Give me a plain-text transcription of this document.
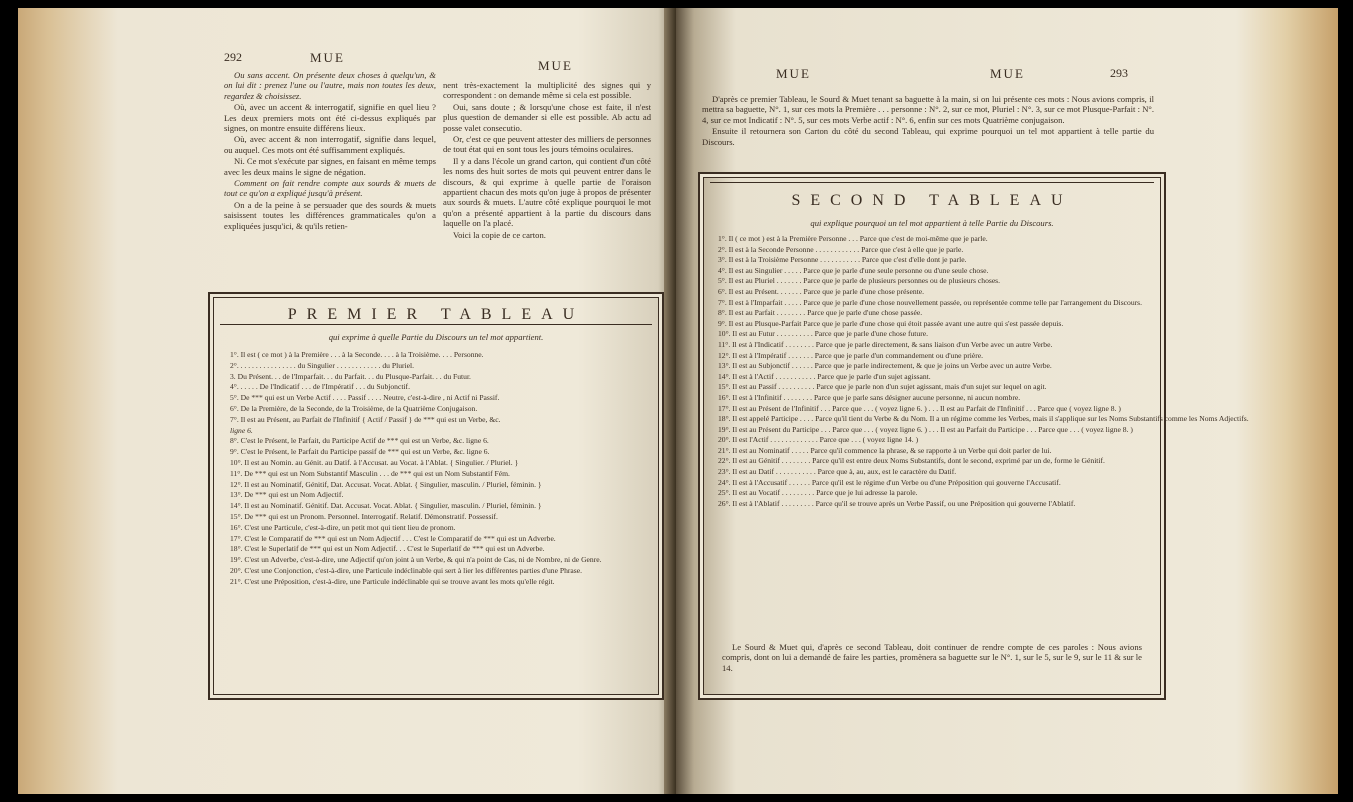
292	MUE
MUE

Ou sans accent. On présente deux choses à quelqu'un, & on lui dit : prenez l'une ou l'autre, mais non toutes les deux, regardez & choisissez.

Où, avec un accent & interrogatif, signifie en quel lieu ? Les deux premiers mots ont été ci-dessus expliqués par signes, on montre ensuite différens lieux.

Où, avec accent & non interrogatif, signifie dans lequel, ou auquel. Ces mots ont été suffisamment expliqués.

Ni. Ce mot s'exécute par signes, en faisant en même temps avec les deux mains le signe de négation.

Comment on fait rendre compte aux sourds & muets de tout ce qu'on a expliqué jusqu'à présent.

On a de la peine à se persuader que des sourds & muets saisissent toutes les différences grammaticales qu'on a expliquées jusqu'ici, & qu'ils retien-

nent très-exactement la multiplicité des signes qui y correspondent : on demande même si cela est possible.

Oui, sans doute ; & lorsqu'une chose est faite, il n'est plus question de demander si elle est possible. Ab actu ad posse valet consecutio.

Or, c'est ce que peuvent attester des milliers de personnes de tout état qui en sont tous les jours témoins oculaires.

Il y a dans l'école un grand carton, qui contient d'un côté les noms des huit sortes de mots qui peuvent entrer dans le discours, & qui exprime à quelle partie de l'oraison appartient chacun des mots qu'on juge à propos de présenter aux sourds & muets. L'autre côté explique pourquoi le mot qu'on a présenté appartient à la partie du discours dans laquelle on l'a placé.

Voici la copie de ce carton.

PREMIER TABLEAU
qui exprime à quelle Partie du Discours un tel mot appartient.
1°. Il est ( ce mot ) à la Première . . . à la Seconde. . . . à la Troisième. . . . Personne.
2°. . . . . . . . . . . . . . . . du Singulier . . . . . . . . . . . . du Pluriel.
3. Du Présent. . . de l'Imparfait. . . du Parfait. . . du Plusque-Parfait. . . du Futur.
4°. . . . . . De l'Indicatif . . . de l'Impératif . . . du Subjonctif.
5°. De *** qui est un Verbe Actif . . . . Passif . . . . Neutre, c'est-à-dire , ni Actif ni Passif.
6°. De la Première, de la Seconde, de la Troisième, de la Quatrième Conjugaison.
7°. Il est au Présent, au Parfait de l'Infinitif { Actif / Passif } de *** qui est un Verbe, &c.
ligne 6.
8°. C'est le Présent, le Parfait, du Participe Actif de *** qui est un Verbe, &c. ligne 6.
9°. C'est le Présent, le Parfait du Participe passif de *** qui est un Verbe, &c. ligne 6.
10°. Il est au Nomin. au Génit. au Datif. à l'Accusat. au Vocat. à l'Ablat. { Singulier. / Pluriel. }
11°. De *** qui est un Nom Substantif Masculin . . . de *** qui est un Nom Substantif Fém.
12°. Il est au Nominatif, Génitif, Dat. Accusat. Vocat. Ablat. { Singulier, masculin. / Pluriel, féminin. }
13°. De *** qui est un Nom Adjectif.
14°. Il est au Nominatif. Génitif. Dat. Accusat. Vocat. Ablat. { Singulier, masculin. / Pluriel, féminin. }
15°. De *** qui est un Pronom. Personnel. Interrogatif. Relatif. Démonstratif. Possessif.
16°. C'est une Particule, c'est-à-dire, un petit mot qui tient lieu de pronom.
17°. C'est le Comparatif de *** qui est un Nom Adjectif . . . C'est le Comparatif de *** qui est un Adverbe.
18°. C'est le Superlatif de *** qui est un Nom Adjectif. . . C'est le Superlatif de *** qui est un Adverbe.
19°. C'est un Adverbe, c'est-à-dire, une Adjectif qu'on joint à un Verbe, & qui n'a point de Cas, ni de Nombre, ni de Genre.
20°. C'est une Conjonction, c'est-à-dire, une Particule indéclinable qui sert à lier les différentes parties d'une Phrase.
21°. C'est une Préposition, c'est-à-dire, une Particule indéclinable qui se trouve avant les mots qu'elle régit.
MUE	MUE	293

D'après ce premier Tableau, le Sourd & Muet tenant sa baguette à la main, si on lui présente ces mots : Nous avions compris, il mettra sa baguette, N°. 1, sur ces mots la Première . . . personne : N°. 2, sur ce mot, Pluriel : N°. 3, sur ce mot Plusque-Parfait : N°. 4, sur ce mot Indicatif : N°. 5, sur ces mots Verbe actif : N°. 6, enfin sur ces mots Quatrième conjugaison.

Ensuite il retournera son Carton du côté du second Tableau, qui exprime pourquoi un tel mot appartient à telle partie du Discours.

SECOND TABLEAU
qui explique pourquoi un tel mot appartient à telle Partie du Discours.
1°. Il ( ce mot ) est à la Première Personne . . . Parce que c'est de moi-même que je parle.
2°. Il est à la Seconde Personne . . . . . . . . . . . . Parce que c'est à elle que je parle.
3°. Il est à la Troisième Personne . . . . . . . . . . . Parce que c'est d'elle dont je parle.
4°. Il est au Singulier . . . . . Parce que je parle d'une seule personne ou d'une seule chose.
5°. Il est au Pluriel . . . . . . . Parce que je parle de plusieurs personnes ou de plusieurs choses.
6°. Il est au Présent. . . . . . . Parce que je parle d'une chose présente.
7°. Il est à l'Imparfait . . . . . Parce que je parle d'une chose nouvellement passée, ou représentée comme telle par l'arrangement du Discours.
8°. Il est au Parfait . . . . . . . . Parce que je parle d'une chose passée.
9°. Il est au Plusque-Parfait Parce que je parle d'une chose qui étoit passée avant une autre qui s'est passée depuis.
10°. Il est au Futur . . . . . . . . . . Parce que je parle d'une chose future.
11°. Il est à l'Indicatif . . . . . . . . Parce que je parle directement, & sans liaison d'un Verbe avec un autre Verbe.
12°. Il est à l'Impératif . . . . . . . Parce que je parle d'un commandement ou d'une prière.
13°. Il est au Subjonctif . . . . . . Parce que je parle indirectement, & que je joins un Verbe avec un autre Verbe.
14°. Il est à l'Actif . . . . . . . . . . . Parce que je parle d'un sujet agissant.
15°. Il est au Passif . . . . . . . . . . Parce que je parle non d'un sujet agissant, mais d'un sujet sur lequel on agit.
16°. Il est à l'Infinitif . . . . . . . . Parce que je parle sans désigner aucune personne, ni aucun nombre.
17°. Il est au Présent de l'Infinitif . . . Parce que . . . ( voyez ligne 6. ) . . . Il est au Parfait de l'Infinitif . . . Parce que ( voyez ligne 8. )
18°. Il est appelé Participe . . . . Parce qu'il tient du Verbe & du Nom. Il a un régime comme les Verbes, mais il s'applique sur les Noms Substantifs comme les Noms Adjectifs.
19°. Il est au Présent du Participe . . . Parce que . . . ( voyez ligne 6. ) . . . Il est au Parfait du Participe . . . Parce que . . . ( voyez ligne 8. )
20°. Il est l'Actif . . . . . . . . . . . . . Parce que . . . ( voyez ligne 14. )
21°. Il est au Nominatif . . . . . Parce qu'il commence la phrase, & se rapporte à un Verbe qui doit parler de lui.
22°. Il est au Génitif . . . . . . . . Parce qu'il est entre deux Noms Substantifs, dont le second, exprimé par un de, forme le Génitif.
23°. Il est au Datif . . . . . . . . . . . Parce que à, au, aux, est le caractère du Datif.
24°. Il est à l'Accusatif . . . . . . Parce qu'il est le régime d'un Verbe ou d'une Préposition qui gouverne l'Accusatif.
25°. Il est au Vocatif . . . . . . . . . Parce que je lui adresse la parole.
26°. Il est à l'Ablatif . . . . . . . . . Parce qu'il se trouve après un Verbe Passif, ou une Préposition qui gouverne l'Ablatif.

Le Sourd & Muet qui, d'après ce second Tableau, doit continuer de rendre compte de ces paroles : Nous avions compris, dont on lui a demandé de faire les parties, promènera sa baguette sur le N°. 1, sur le 5, sur le 9, sur le 11 & sur le 14.
